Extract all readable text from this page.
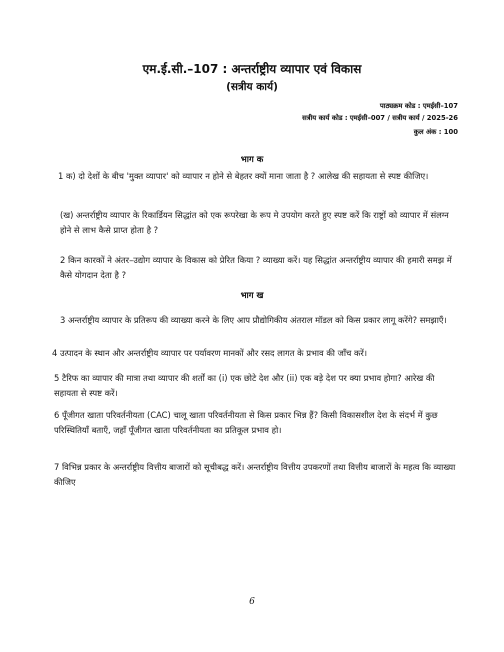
एम.ई.सी.–107 : अन्तर्राष्ट्रीय व्यापार एवं विकास
(सत्रीय कार्य)
पाठ्यक्रम कोड : एमईसी–107
सत्रीय कार्य कोड : एमईसी–007 / सत्रीय कार्य / 2025-26
कुल अंक : 100
भाग क
1 क) दो देशों के बीच 'मुक्त व्यापार' को व्यापार न होने से बेहतर क्यों माना जाता है ? आलेख की सहायता से स्पष्ट कीजिए।
(ख) अन्तर्राष्ट्रीय व्यापार के रिकार्डियन सिद्धांत को एक रूपरेखा के रूप मे उपयोग करते हुए स्पष्ट करें कि राष्ट्रों को व्यापार में संलग्न होने से लाभ कैसे प्राप्त होता है ?
2 किन कारकों ने अंतर–उद्योग व्यापार के विकास को प्रेरित किया ? व्याख्या करें। यह सिद्धांत अन्तर्राष्ट्रीय व्यापार की हमारी समझ में कैसे योगदान देता है ?
भाग ख
3 अन्तर्राष्ट्रीय व्यापार के प्रतिरूप की व्याख्या करने के लिए आप प्रौद्योगिकीय अंतराल मॉडल को किस प्रकार लागू करेंगे? समझाएँ।
4 उत्पादन के स्थान और अन्तर्राष्ट्रीय व्यापार पर पर्यावरण मानकों और रसद लागत के प्रभाव की जाँच करें।
5 टैरिफ का व्यापार की मात्रा तथा व्यापार की शर्तों का (i) एक छोटे देश और (ii) एक बड़े देश पर क्या प्रभाव होगा? आरेख की सहायता से स्पष्ट करें।
6 पूँजीगत खाता परिवर्तनीयता (CAC) चालू खाता परिवर्तनीयता से किस प्रकार भिन्न हैं? किसी विकासशील देश के संदर्भ में कुछ परिस्थितियाँ बताएँ, जहाँ पूँजीगत खाता परिवर्तनीयता का प्रतिकूल प्रभाव हो।
7 विभिन्न प्रकार के अन्तर्राष्ट्रीय वित्तीय बाजारों को सूचीबद्ध करें। अन्तर्राष्ट्रीय वित्तीय उपकरणों तथा वित्तीय बाजारों के महत्व कि व्याख्या कीजिए
6
